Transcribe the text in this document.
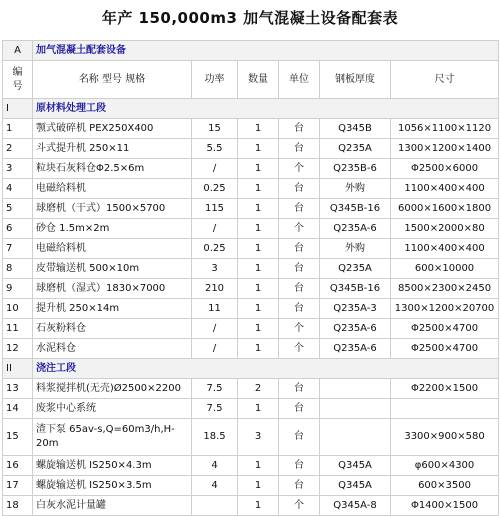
年产 150,000m3 加气混凝土设备配套表
A	加气混凝土配套设备					
编号	名称 型号 规格	功率	数量	单位	钢板厚度	尺寸
I	原材料处理工段					
1	颚式破碎机 PEX250X400	15	1	台	Q345B	1056×1100×1120
2	斗式提升机 250×11	5.5	1	台	Q235A	1300×1200×1400
3	粒块石灰料仓Φ2.5×6m	/	1	个	Q235B-6	Φ2500×6000
4	电磁给料机	0.25	1	台	外购	1100×400×400
5	球磨机（干式）1500×5700	115	1	台	Q345B-16	6000×1600×1800
6	砂仓 1.5m×2m	/	1	个	Q235A-6	1500×2000×80
7	电磁给料机	0.25	1	台	外购	1100×400×400
8	皮带输送机 500×10m	3	1	台	Q235A	600×10000
9	球磨机（湿式）1830×7000	210	1	台	Q345B-16	8500×2300×2450
10	提升机 250×14m	11	1	台	Q235A-3	1300×1200×20700
11	石灰粉料仓	/	1	个	Q235A-6	Φ2500×4700
12	水泥料仓	/	1	个	Q235A-6	Φ2500×4700
II	浇注工段					
13	料浆搅拌机(无壳)Ø2500×2200	7.5	2	台		Φ2200×1500
14	废浆中心系统	7.5	1	台		
15	渣下泵 65av-s,Q=60m3/h,H-20m	18.5	3	台		3300×900×580
16	螺旋输送机 IS250×4.3m	4	1	台	Q345A	φ600×4300
17	螺旋输送机 IS250×3.5m	4	1	台	Q345A	600×3500
18	白灰水泥计量罐		1	个	Q345A-8	Φ1400×1500
